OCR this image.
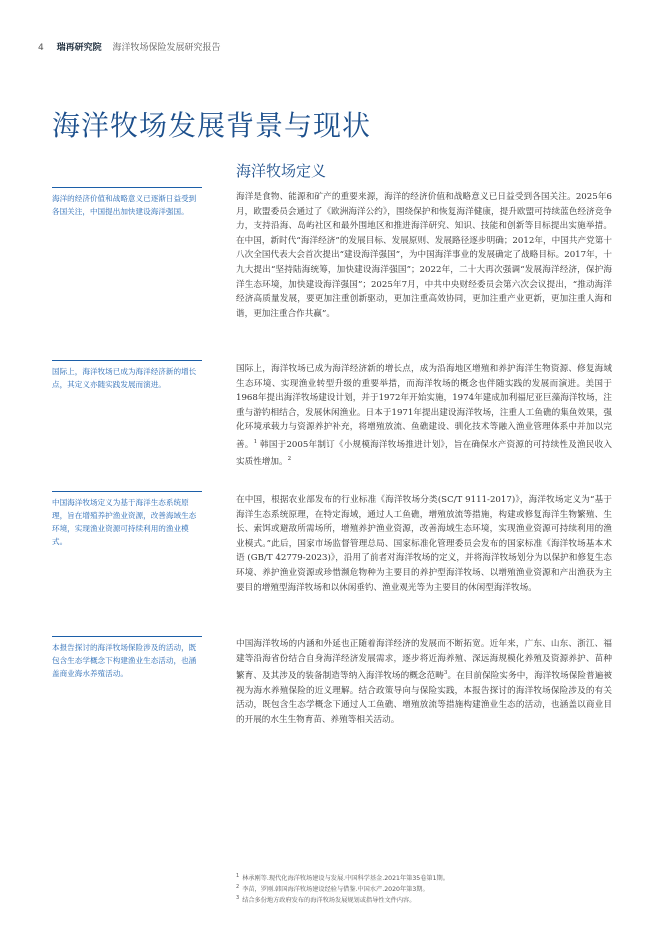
4 瑞再研究院 海洋牧场保险发展研究报告
海洋牧场发展背景与现状
海洋牧场定义
海洋的经济价值和战略意义已逐渐日益受到各国关注，中国提出加快建设海洋强国。
国际上，海洋牧场已成为海洋经济新的增长点，其定义亦随实践发展而演进。
中国海洋牧场定义为基于海洋生态系统原理，旨在增殖养护渔业资源，改善海域生态环境，实现渔业资源可持续利用的渔业模式。
本报告探讨的海洋牧场保险涉及的活动，既包含生态学概念下构建渔业生态活动，也涵盖商业海水养殖活动。

海洋是食物、能源和矿产的重要来源，海洋的经济价值和战略意义已日益受到各国关注。2025年6月，欧盟委员会通过了《欧洲海洋公约》，围绕保护和恢复海洋健康，提升欧盟可持续蓝色经济竞争力，支持沿海、岛屿社区和最外围地区和推进海洋研究、知识、技能和创新等目标提出实施举措。在中国，新时代“海洋经济”的发展目标、发展原则、发展路径逐步明确；2012年，中国共产党第十八次全国代表大会首次提出“建设海洋强国”，为中国海洋事业的发展确定了战略目标。2017年，十九大提出“坚持陆海统筹，加快建设海洋强国”；2022年，二十大再次强调“发展海洋经济，保护海洋生态环境，加快建设海洋强国”；2025年7月，中共中央财经委员会第六次会议提出，“推动海洋经济高质量发展，要更加注重创新驱动，更加注重高效协同，更加注重产业更新，更加注重人海和谐，更加注重合作共赢”。

国际上，海洋牧场已成为海洋经济新的增长点，成为沿海地区增殖和养护海洋生物资源、修复海域生态环境、实现渔业转型升级的重要举措，而海洋牧场的概念也伴随实践的发展而演进。美国于1968年提出海洋牧场建设计划，并于1972年开始实施，1974年建成加利福尼亚巨藻海洋牧场，注重与游钓相结合，发展休闲渔业。日本于1971年提出建设海洋牧场，注重人工鱼礁的集鱼效果，强化环境承载力与资源养护补充，将增殖放流、鱼礁建设、驯化技术等融入渔业管理体系中并加以完善。$^1$ 韩国于2005年制订《小规模海洋牧场推进计划》，旨在确保水产资源的可持续性及渔民收入实质性增加。$^2$

在中国，根据农业部发布的行业标准《海洋牧场分类(SC/T 9111-2017)》，海洋牧场定义为“基于海洋生态系统原理，在特定海域，通过人工鱼礁，增殖放流等措施，构建或修复海洋生物繁殖、生长、索饵或避敌所需场所，增殖养护渔业资源，改善海域生态环境，实现渔业资源可持续利用的渔业模式。”此后，国家市场监督管理总局、国家标准化管理委员会发布的国家标准《海洋牧场基本术语 (GB/T 42779-2023)》，沿用了前者对海洋牧场的定义，并将海洋牧场划分为以保护和修复生态环境、养护渔业资源或珍惜濒危物种为主要目的养护型海洋牧场、以增殖渔业资源和产出渔获为主要目的增殖型海洋牧场和以休闲垂钓、渔业观光等为主要目的休闲型海洋牧场。

中国海洋牧场的内涵和外延也正随着海洋经济的发展而不断拓宽。近年来，广东、山东、浙江、福建等沿海省份结合自身海洋经济发展需求，逐步将近海养殖、深远海规模化养殖及资源养护、苗种繁育、及其涉及的装备制造等纳入海洋牧场的概念范畴$^3$。在目前保险实务中，海洋牧场保险普遍被视为海水养殖保险的近义理解。结合政策导向与保险实践，本报告探讨的海洋牧场保险涉及的有关活动，既包含生态学概念下通过人工鱼礁、增殖放流等措施构建渔业生态的活动，也涵盖以商业目的开展的水生生物育苗、养殖等相关活动。

$^1$ 林承刚等.现代化海洋牧场建设与发展.中国科学基金.2021年第35卷第1期。
$^2$ 李苗，罗刚.韩国海洋牧场建设经验与借鉴.中国水产.2020年第3期。
$^3$ 结合多份地方政府发布的海洋牧场发展规划或指导性文件内容。
